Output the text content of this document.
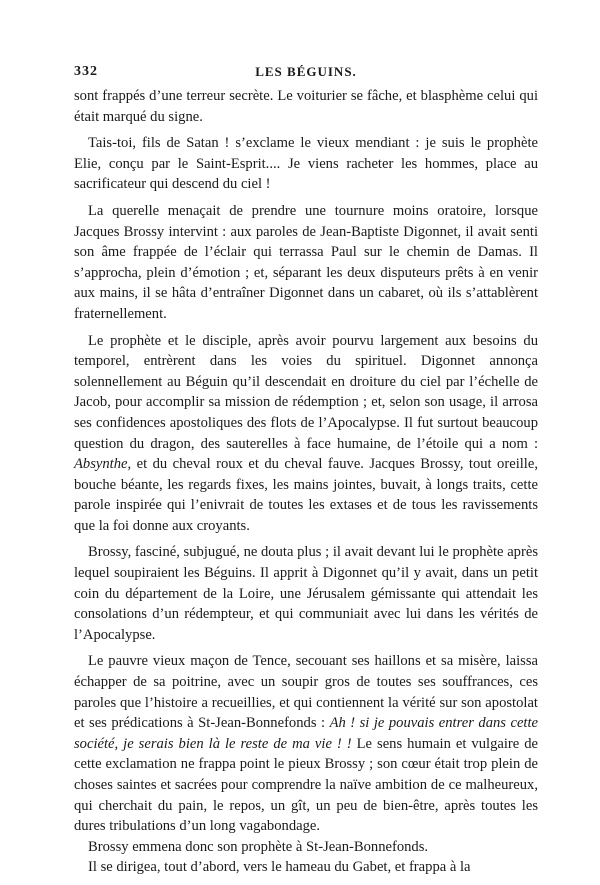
332	LES BÉGUINS.

sont frappés d’une terreur secrète. Le voiturier se fâche, et blasphème celui qui était marqué du signe.

Tais-toi, fils de Satan ! s’exclame le vieux mendiant : je suis le prophète Elie, conçu par le Saint-Esprit.... Je viens racheter les hommes, place au sacrificateur qui descend du ciel !

La querelle menaçait de prendre une tournure moins oratoire, lorsque Jacques Brossy intervint : aux paroles de Jean-Baptiste Digonnet, il avait senti son âme frappée de l’éclair qui terrassa Paul sur le chemin de Damas. Il s’approcha, plein d’émotion ; et, séparant les deux disputeurs prêts à en venir aux mains, il se hâta d’entraîner Digonnet dans un cabaret, où ils s’attablèrent fraternellement.

Le prophète et le disciple, après avoir pourvu largement aux besoins du temporel, entrèrent dans les voies du spirituel. Digonnet annonça solennellement au Béguin qu’il descendait en droiture du ciel par l’échelle de Jacob, pour accomplir sa mission de rédemption ; et, selon son usage, il arrosa ses confidences apostoliques des flots de l’Apocalypse. Il fut surtout beaucoup question du dragon, des sauterelles à face humaine, de l’étoile qui a nom : Absynthe, et du cheval roux et du cheval fauve. Jacques Brossy, tout oreille, bouche béante, les regards fixes, les mains jointes, buvait, à longs traits, cette parole inspirée qui l’enivrait de toutes les extases et de tous les ravissements que la foi donne aux croyants.

Brossy, fasciné, subjugué, ne douta plus ; il avait devant lui le prophète après lequel soupiraient les Béguins. Il apprit à Digonnet qu’il y avait, dans un petit coin du département de la Loire, une Jérusalem gémissante qui attendait les consolations d’un rédempteur, et qui communiait avec lui dans les vérités de l’Apocalypse.

Le pauvre vieux maçon de Tence, secouant ses haillons et sa misère, laissa échapper de sa poitrine, avec un soupir gros de toutes ses souffrances, ces paroles que l’histoire a recueillies, et qui contiennent la vérité sur son apostolat et ses prédications à St-Jean-Bonnefonds : Ah ! si je pouvais entrer dans cette société, je serais bien là le reste de ma vie ! ! Le sens humain et vulgaire de cette exclamation ne frappa point le pieux Brossy ; son cœur était trop plein de choses saintes et sacrées pour comprendre la naïve ambition de ce malheureux, qui cherchait du pain, le repos, un gît, un peu de bien-être, après toutes les dures tribulations d’un long vagabondage.

Brossy emmena donc son prophète à St-Jean-Bonnefonds.

Il se dirigea, tout d’abord, vers le hameau du Gabet, et frappa à la
